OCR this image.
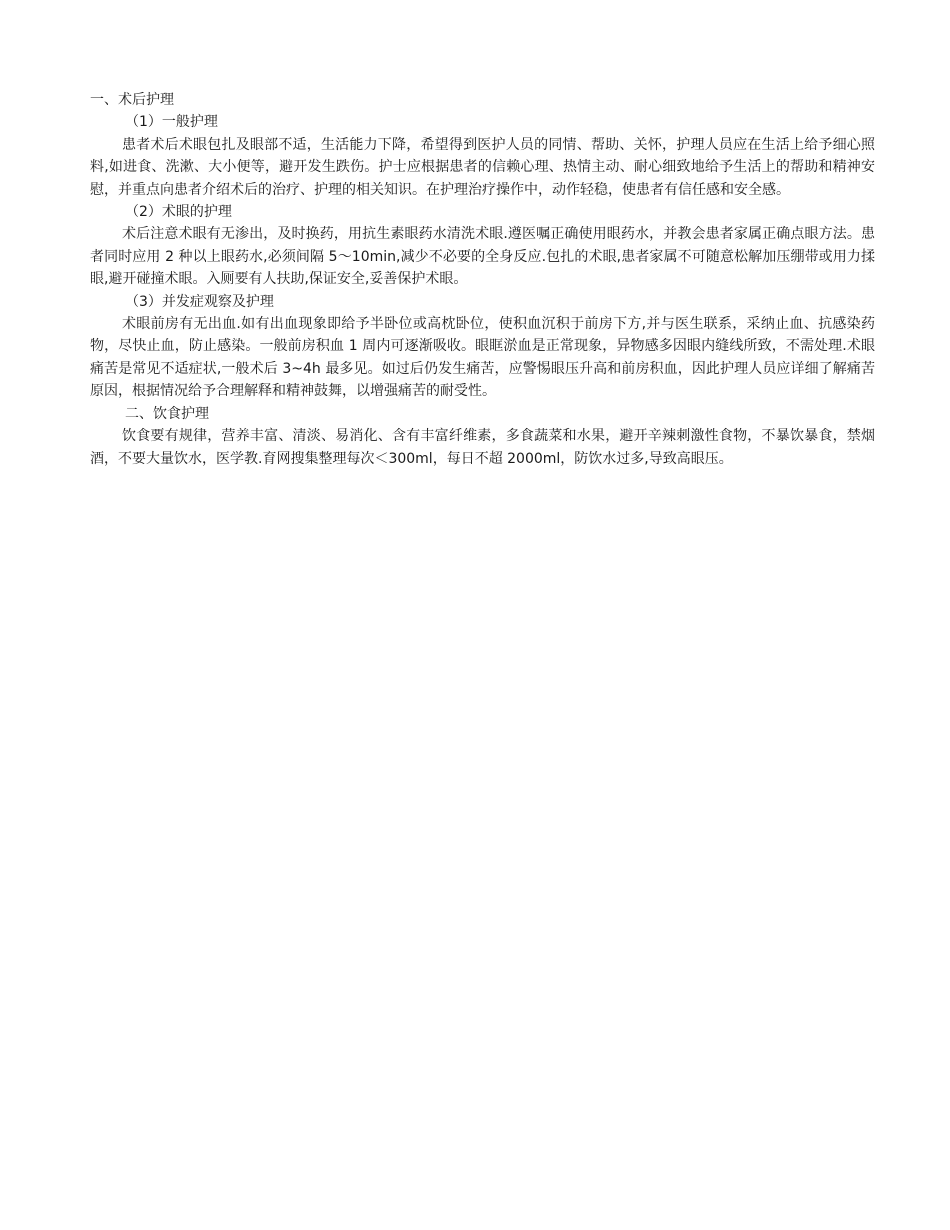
一、术后护理

（1）一般护理

患者术后术眼包扎及眼部不适，生活能力下降，希望得到医护人员的同情、帮助、关怀，护理人员应在生活上给予细心照料,如进食、洗漱、大小便等，避开发生跌伤。护士应根据患者的信赖心理、热情主动、耐心细致地给予生活上的帮助和精神安慰，并重点向患者介绍术后的治疗、护理的相关知识。在护理治疗操作中，动作轻稳，使患者有信任感和安全感。

（2）术眼的护理

术后注意术眼有无渗出，及时换药，用抗生素眼药水清洗术眼.遵医嘱正确使用眼药水，并教会患者家属正确点眼方法。患者同时应用 2 种以上眼药水,必须间隔 5～10min,减少不必要的全身反应.包扎的术眼,患者家属不可随意松解加压绷带或用力揉眼,避开碰撞术眼。入厕要有人扶助,保证安全,妥善保护术眼。

（3）并发症观察及护理

术眼前房有无出血.如有出血现象即给予半卧位或高枕卧位，使积血沉积于前房下方,并与医生联系，采纳止血、抗感染药物，尽快止血，防止感染。一般前房积血 1 周内可逐渐吸收。眼眶淤血是正常现象，异物感多因眼内缝线所致，不需处理.术眼痛苦是常见不适症状,一般术后 3~4h 最多见。如过后仍发生痛苦，应警惕眼压升高和前房积血，因此护理人员应详细了解痛苦原因，根据情况给予合理解释和精神鼓舞，以增强痛苦的耐受性。

二、饮食护理

饮食要有规律，营养丰富、清淡、易消化、含有丰富纤维素，多食蔬菜和水果，避开辛辣刺激性食物，不暴饮暴食，禁烟酒，不要大量饮水，医学教.育网搜集整理每次＜300ml，每日不超 2000ml，防饮水过多,导致高眼压。
